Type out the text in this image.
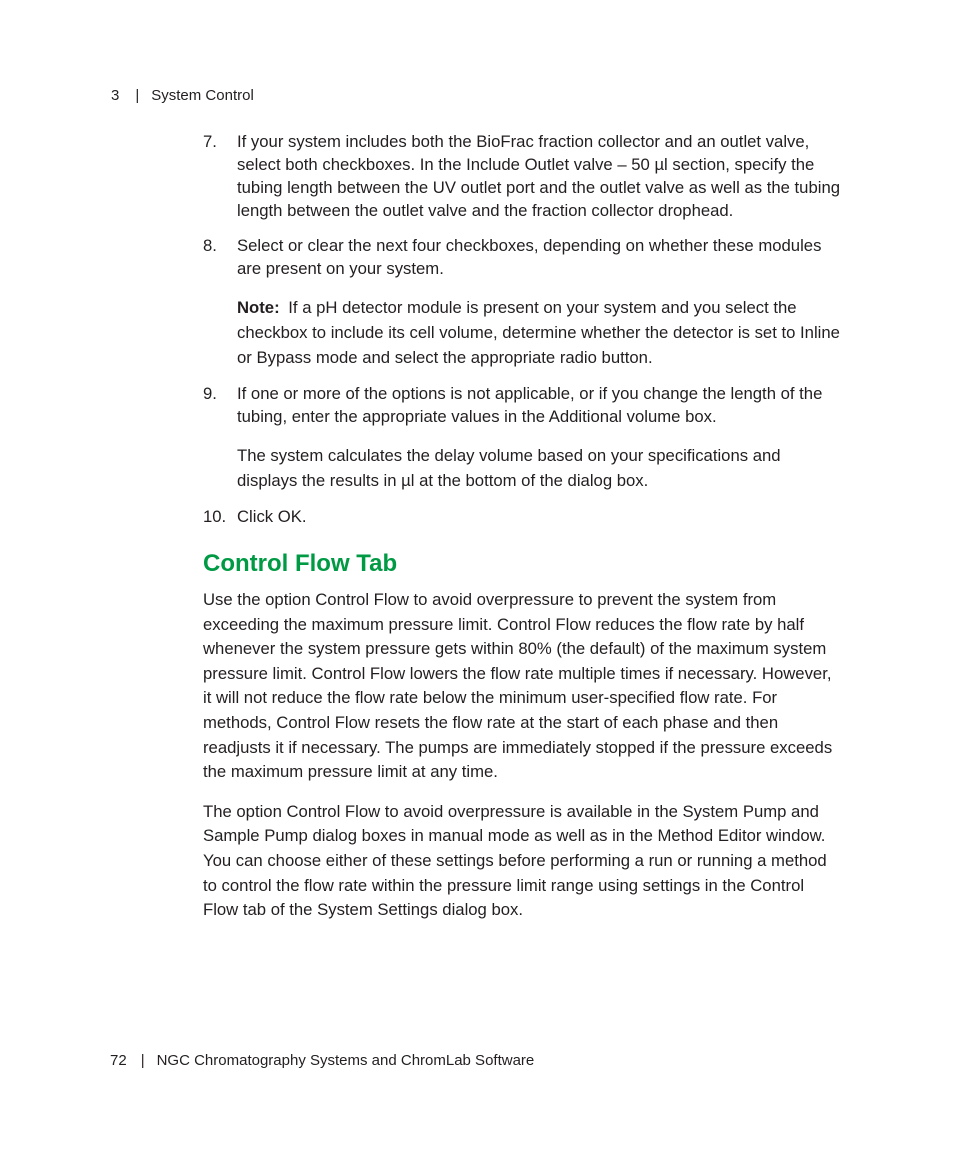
3 | System Control
7.	If your system includes both the BioFrac fraction collector and an outlet valve, select both checkboxes. In the Include Outlet valve – 50 µl section, specify the tubing length between the UV outlet port and the outlet valve as well as the tubing length between the outlet valve and the fraction collector drophead.

8.	Select or clear the next four checkboxes, depending on whether these modules are present on your system.

Note: If a pH detector module is present on your system and you select the checkbox to include its cell volume, determine whether the detector is set to Inline or Bypass mode and select the appropriate radio button.

9.	If one or more of the options is not applicable, or if you change the length of the tubing, enter the appropriate values in the Additional volume box.

The system calculates the delay volume based on your specifications and displays the results in µl at the bottom of the dialog box.

10. Click OK.

Control Flow Tab

Use the option Control Flow to avoid overpressure to prevent the system from exceeding the maximum pressure limit. Control Flow reduces the flow rate by half whenever the system pressure gets within 80% (the default) of the maximum system pressure limit. Control Flow lowers the flow rate multiple times if necessary. However, it will not reduce the flow rate below the minimum user-specified flow rate. For methods, Control Flow resets the flow rate at the start of each phase and then readjusts it if necessary. The pumps are immediately stopped if the pressure exceeds the maximum pressure limit at any time.

The option Control Flow to avoid overpressure is available in the System Pump and Sample Pump dialog boxes in manual mode as well as in the Method Editor window. You can choose either of these settings before performing a run or running a method to control the flow rate within the pressure limit range using settings in the Control Flow tab of the System Settings dialog box.

72 | NGC Chromatography Systems and ChromLab Software
